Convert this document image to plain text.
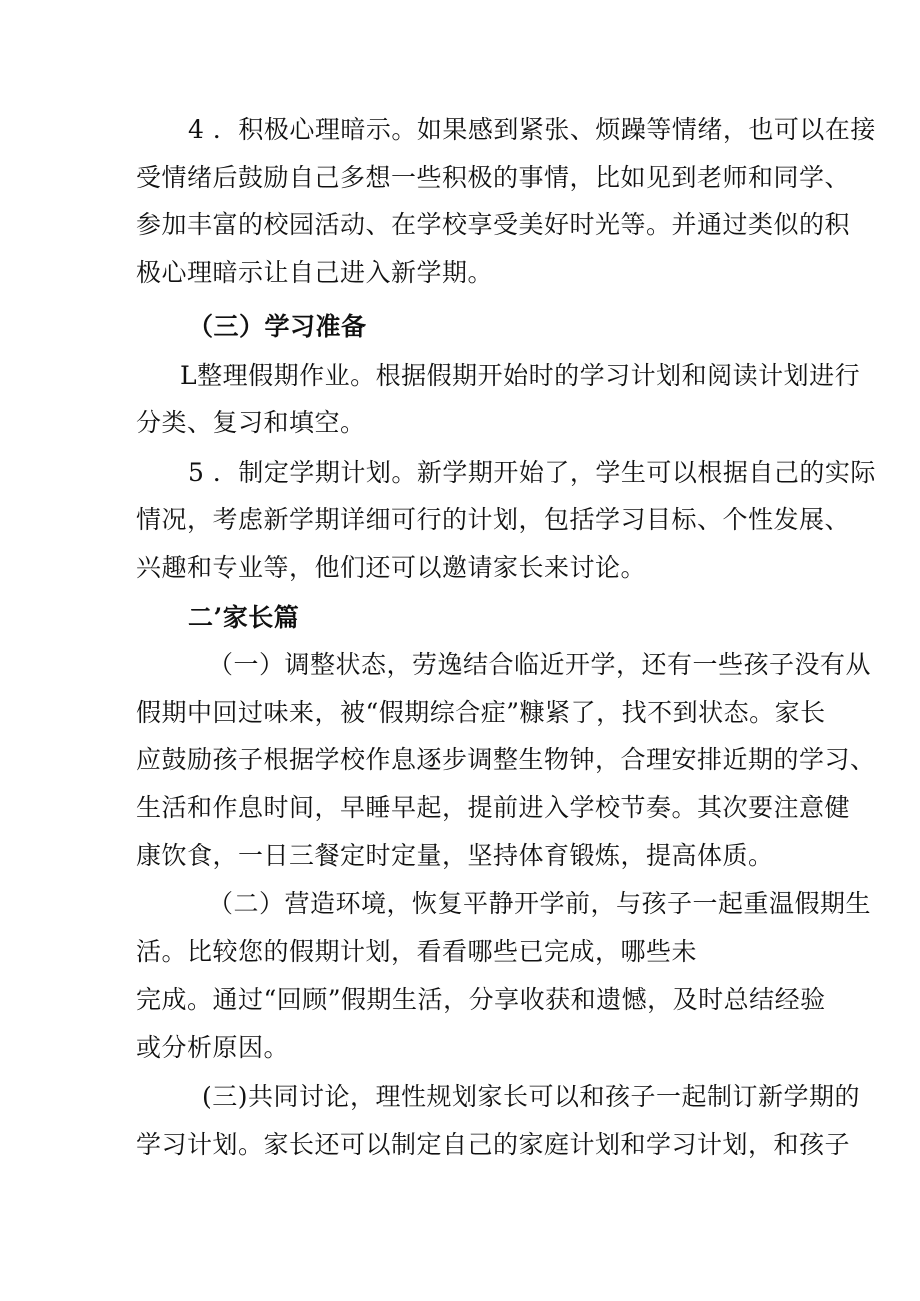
4 ．积极心理暗示。如果感到紧张、烦躁等情绪，也可以在接
受情绪后鼓励自己多想一些积极的事情，比如见到老师和同学、
参加丰富的校园活动、在学校享受美好时光等。并通过类似的积
极心理暗示让自己进入新学期。
（三）学习准备
L整理假期作业。根据假期开始时的学习计划和阅读计划进行
分类、复习和填空。
5 ．制定学期计划。新学期开始了，学生可以根据自己的实际
情况，考虑新学期详细可行的计划，包括学习目标、个性发展、
兴趣和专业等，他们还可以邀请家长来讨论。
二’家长篇
（一）调整状态，劳逸结合临近开学，还有一些孩子没有从
假期中回过味来，被“假期综合症”糠紧了，找不到状态。家长
应鼓励孩子根据学校作息逐步调整生物钟，合理安排近期的学习、
生活和作息时间，早睡早起，提前进入学校节奏。其次要注意健
康饮食，一日三餐定时定量，坚持体育锻炼，提高体质。
（二）营造环境，恢复平静开学前，与孩子一起重温假期生
活。比较您的假期计划，看看哪些已完成，哪些未
完成。通过“回顾”假期生活，分享收获和遗憾，及时总结经验
或分析原因。
(三)共同讨论，理性规划家长可以和孩子一起制订新学期的
学习计划。家长还可以制定自己的家庭计划和学习计划，和孩子
